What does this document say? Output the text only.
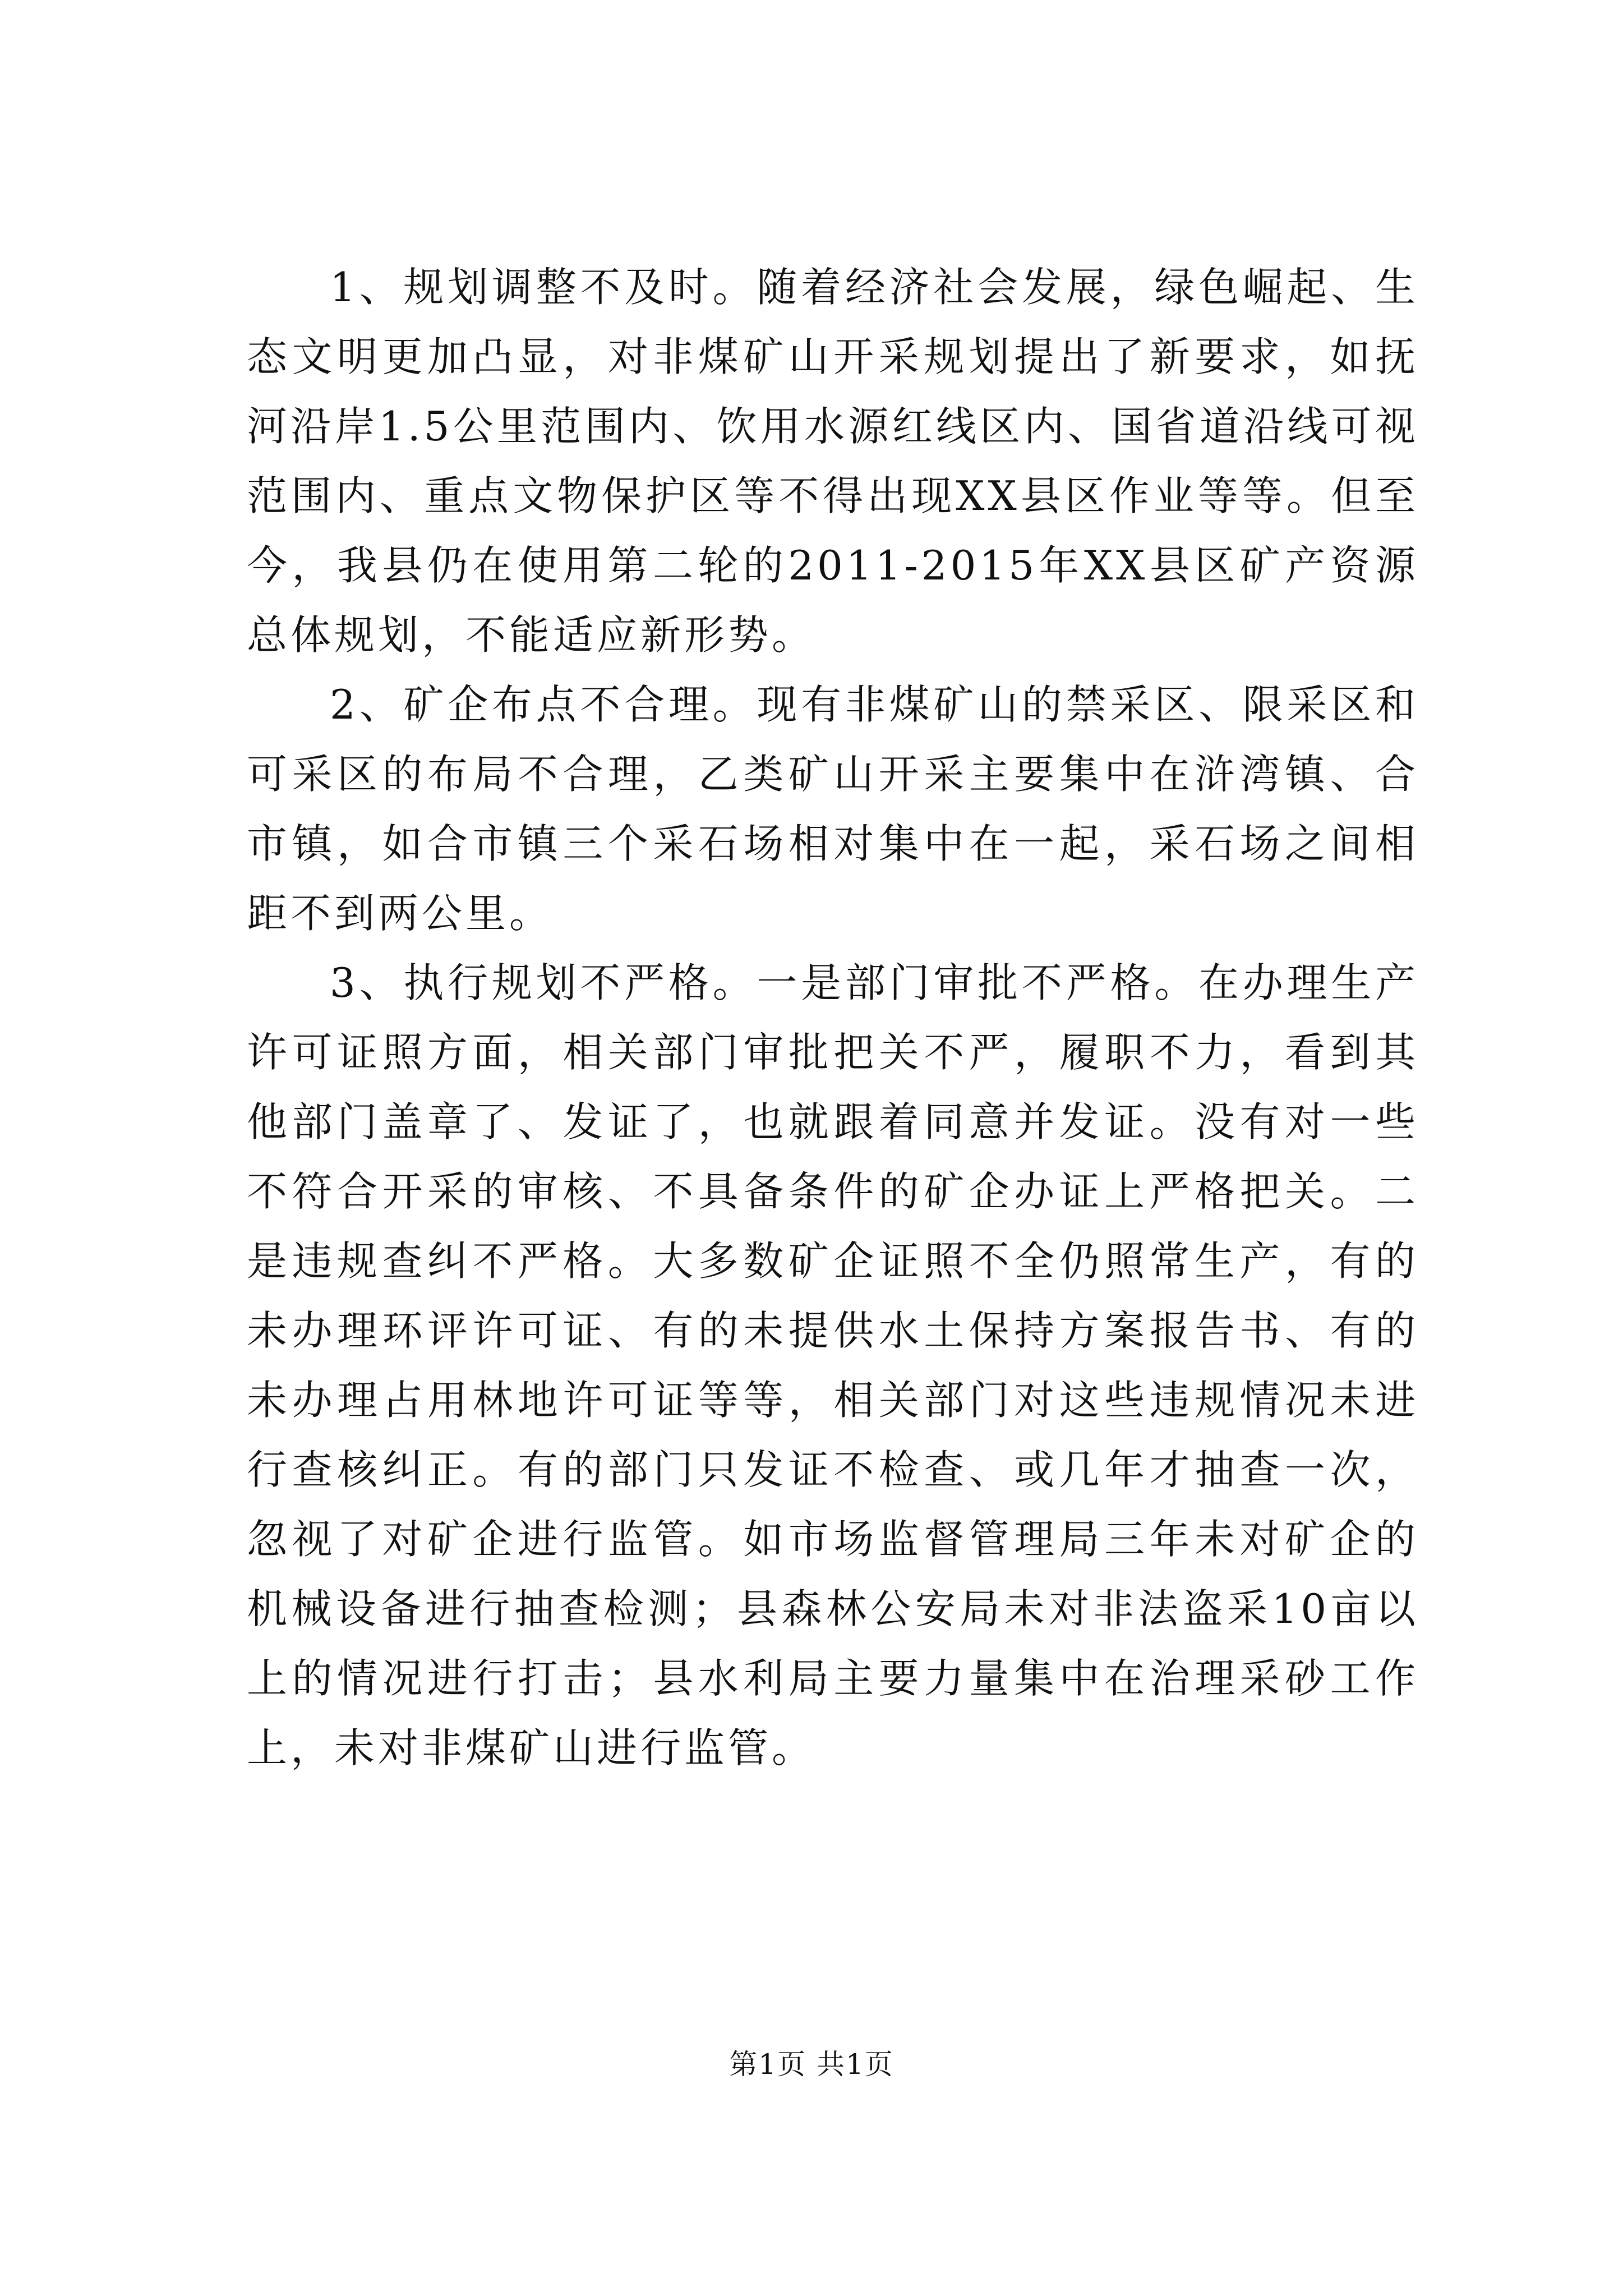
1、规划调整不及时。随着经济社会发展，绿色崛起、生态文明更加凸显，对非煤矿山开采规划提出了新要求，如抚河沿岸1.5公里范围内、饮用水源红线区内、国省道沿线可视范围内、重点文物保护区等不得出现XX县区作业等等。但至今，我县仍在使用第二轮的2011-2015年XX县区矿产资源总体规划，不能适应新形势。

2、矿企布点不合理。现有非煤矿山的禁采区、限采区和可采区的布局不合理，乙类矿山开采主要集中在浒湾镇、合市镇，如合市镇三个采石场相对集中在一起，采石场之间相距不到两公里。

3、执行规划不严格。一是部门审批不严格。在办理生产许可证照方面，相关部门审批把关不严，履职不力，看到其他部门盖章了、发证了，也就跟着同意并发证。没有对一些不符合开采的审核、不具备条件的矿企办证上严格把关。二是违规查纠不严格。大多数矿企证照不全仍照常生产，有的未办理环评许可证、有的未提供水土保持方案报告书、有的未办理占用林地许可证等等，相关部门对这些违规情况未进行查核纠正。有的部门只发证不检查、或几年才抽查一次，忽视了对矿企进行监管。如市场监督管理局三年未对矿企的机械设备进行抽查检测；县森林公安局未对非法盗采10亩以上的情况进行打击；县水利局主要力量集中在治理采砂工作上，未对非煤矿山进行监管。

第1页 共1页
